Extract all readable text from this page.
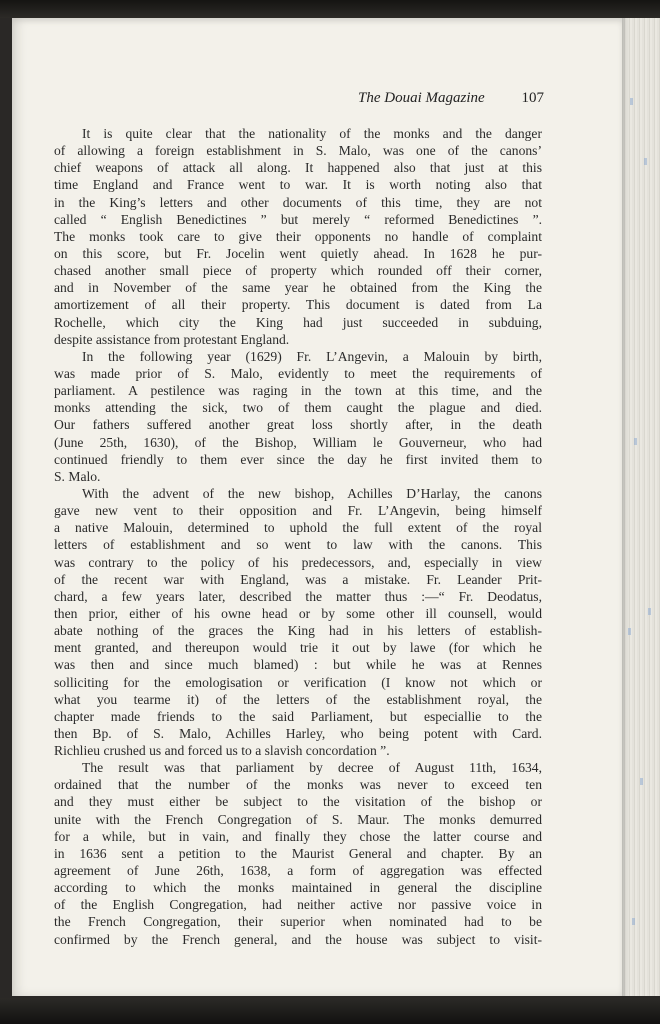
The Douai Magazine 107
It is quite clear that the nationality of the monks and the danger
of allowing a foreign establishment in S. Malo, was one of the canons’
chief weapons of attack all along. It happened also that just at this
time England and France went to war. It is worth noting also that
in the King’s letters and other documents of this time, they are not
called “ English Benedictines ” but merely “ reformed Benedictines ”.
The monks took care to give their opponents no handle of complaint
on this score, but Fr. Jocelin went quietly ahead. In 1628 he pur-
chased another small piece of property which rounded off their corner,
and in November of the same year he obtained from the King the
amortizement of all their property. This document is dated from La
Rochelle, which city the King had just succeeded in subduing,
despite assistance from protestant England.
In the following year (1629) Fr. L’Angevin, a Malouin by birth,
was made prior of S. Malo, evidently to meet the requirements of
parliament. A pestilence was raging in the town at this time, and the
monks attending the sick, two of them caught the plague and died.
Our fathers suffered another great loss shortly after, in the death
(June 25th, 1630), of the Bishop, William le Gouverneur, who had
continued friendly to them ever since the day he first invited them to
S. Malo.
With the advent of the new bishop, Achilles D’Harlay, the canons
gave new vent to their opposition and Fr. L’Angevin, being himself
a native Malouin, determined to uphold the full extent of the royal
letters of establishment and so went to law with the canons. This
was contrary to the policy of his predecessors, and, especially in view
of the recent war with England, was a mistake. Fr. Leander Prit-
chard, a few years later, described the matter thus :—“ Fr. Deodatus,
then prior, either of his owne head or by some other ill counsell, would
abate nothing of the graces the King had in his letters of establish-
ment granted, and thereupon would trie it out by lawe (for which he
was then and since much blamed) : but while he was at Rennes
solliciting for the emologisation or verification (I know not which or
what you tearme it) of the letters of the establishment royal, the
chapter made friends to the said Parliament, but especiallie to the
then Bp. of S. Malo, Achilles Harley, who being potent with Card.
Richlieu crushed us and forced us to a slavish concordation ”.
The result was that parliament by decree of August 11th, 1634,
ordained that the number of the monks was never to exceed ten
and they must either be subject to the visitation of the bishop or
unite with the French Congregation of S. Maur. The monks demurred
for a while, but in vain, and finally they chose the latter course and
in 1636 sent a petition to the Maurist General and chapter. By an
agreement of June 26th, 1638, a form of aggregation was effected
according to which the monks maintained in general the discipline
of the English Congregation, had neither active nor passive voice in
the French Congregation, their superior when nominated had to be
confirmed by the French general, and the house was subject to visit-
